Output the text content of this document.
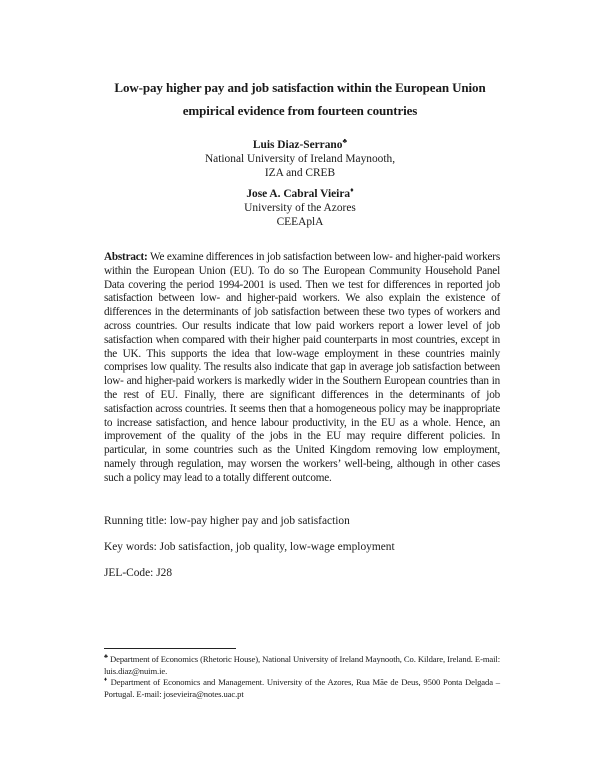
Low-pay higher pay and job satisfaction within the European Union
empirical evidence from fourteen countries
Luis Diaz-Serrano♣
National University of Ireland Maynooth,
IZA and CREB
Jose A. Cabral Vieira♦
University of the Azores
CEEAplA
Abstract: We examine differences in job satisfaction between low- and higher-paid workers within the European Union (EU). To do so The European Community Household Panel Data covering the period 1994-2001 is used. Then we test for differences in reported job satisfaction between low- and higher-paid workers. We also explain the existence of differences in the determinants of job satisfaction between these two types of workers and across countries. Our results indicate that low paid workers report a lower level of job satisfaction when compared with their higher paid counterparts in most countries, except in the UK. This supports the idea that low-wage employment in these countries mainly comprises low quality. The results also indicate that gap in average job satisfaction between low- and higher-paid workers is markedly wider in the Southern European countries than in the rest of EU. Finally, there are significant differences in the determinants of job satisfaction across countries. It seems then that a homogeneous policy may be inappropriate to increase satisfaction, and hence labour productivity, in the EU as a whole. Hence, an improvement of the quality of the jobs in the EU may require different policies. In particular, in some countries such as the United Kingdom removing low employment, namely through regulation, may worsen the workers’ well-being, although in other cases such a policy may lead to a totally different outcome.
Running title: low-pay higher pay and job satisfaction
Key words: Job satisfaction, job quality, low-wage employment
JEL-Code: J28
♣ Department of Economics (Rhetoric House), National University of Ireland Maynooth, Co. Kildare, Ireland. E-mail: luis.diaz@nuim.ie.
♦ Department of Economics and Management. University of the Azores, Rua Mãe de Deus, 9500 Ponta Delgada – Portugal. E-mail: josevieira@notes.uac.pt
